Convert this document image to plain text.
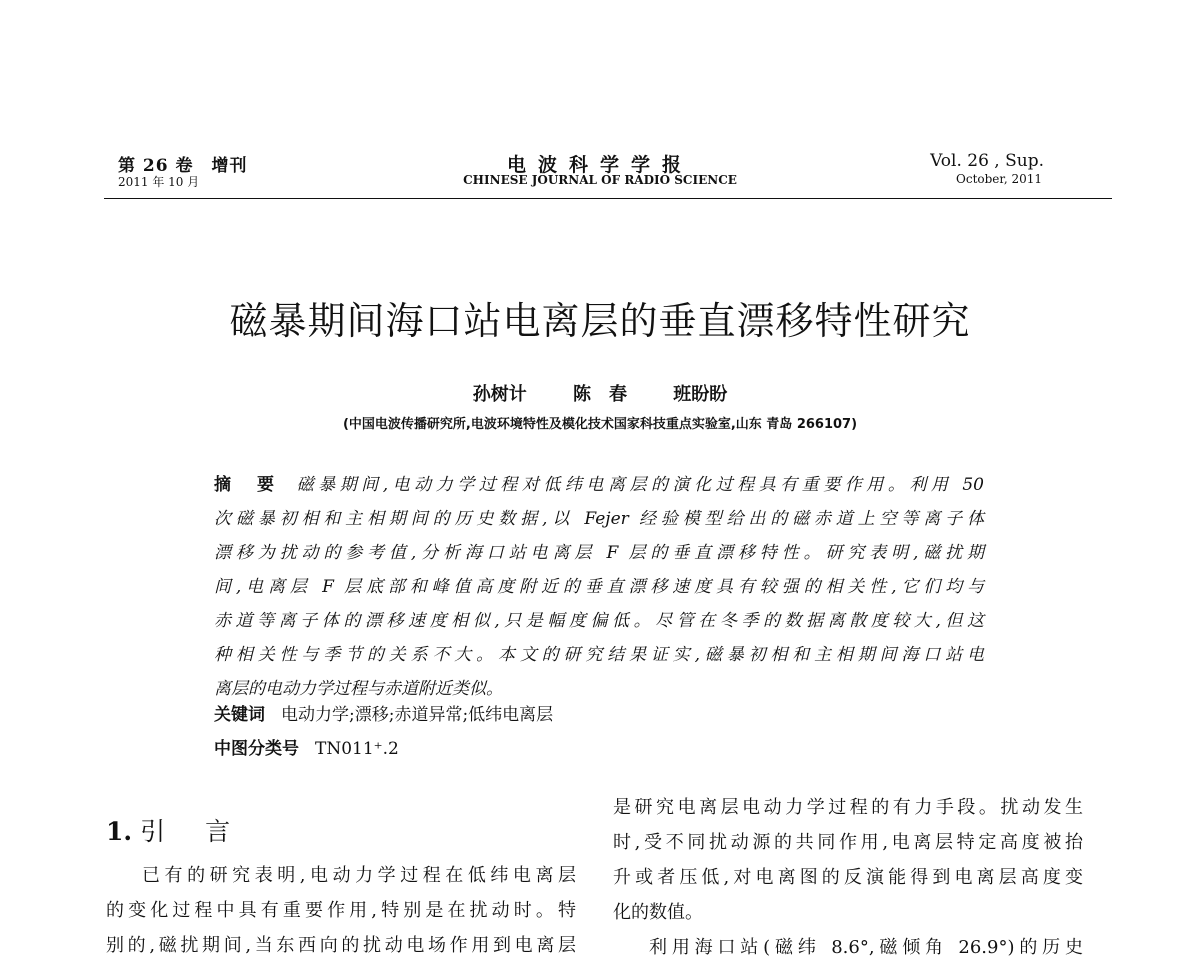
第 26 卷　增刊
2011 年 10 月
电波科学学报
CHINESE JOURNAL OF RADIO SCIENCE
Vol. 26 , Sup.
October, 2011
磁暴期间海口站电离层的垂直漂移特性研究
孙树计	陈　春	班盼盼
(中国电波传播研究所,电波环境特性及模化技术国家科技重点实验室,山东 青岛 266107)

摘　要 磁暴期间,电动力学过程对低纬电离层的演化过程具有重要作用。利用 50

次磁暴初相和主相期间的历史数据,以 Fejer 经验模型给出的磁赤道上空等离子体

漂移为扰动的参考值,分析海口站电离层 F 层的垂直漂移特性。研究表明,磁扰期

间,电离层 F 层底部和峰值高度附近的垂直漂移速度具有较强的相关性,它们均与

赤道等离子体的漂移速度相似,只是幅度偏低。尽管在冬季的数据离散度较大,但这

种相关性与季节的关系不大。本文的研究结果证实,磁暴初相和主相期间海口站电

离层的电动力学过程与赤道附近类似。

关键词 电动力学;漂移;赤道异常;低纬电离层
中图分类号 TN011⁺.2
1. 引言

已有的研究表明,电动力学过程在低纬电离层

的变化过程中具有重要作用,特别是在扰动时。特

别的,磁扰期间,当东西向的扰动电场作用到电离层

是研究电离层电动力学过程的有力手段。扰动发生

时,受不同扰动源的共同作用,电离层特定高度被抬

升或者压低,对电离图的反演能得到电离层高度变

化的数值。

利用海口站(磁纬 8.6°,磁倾角 26.9°)的历史
